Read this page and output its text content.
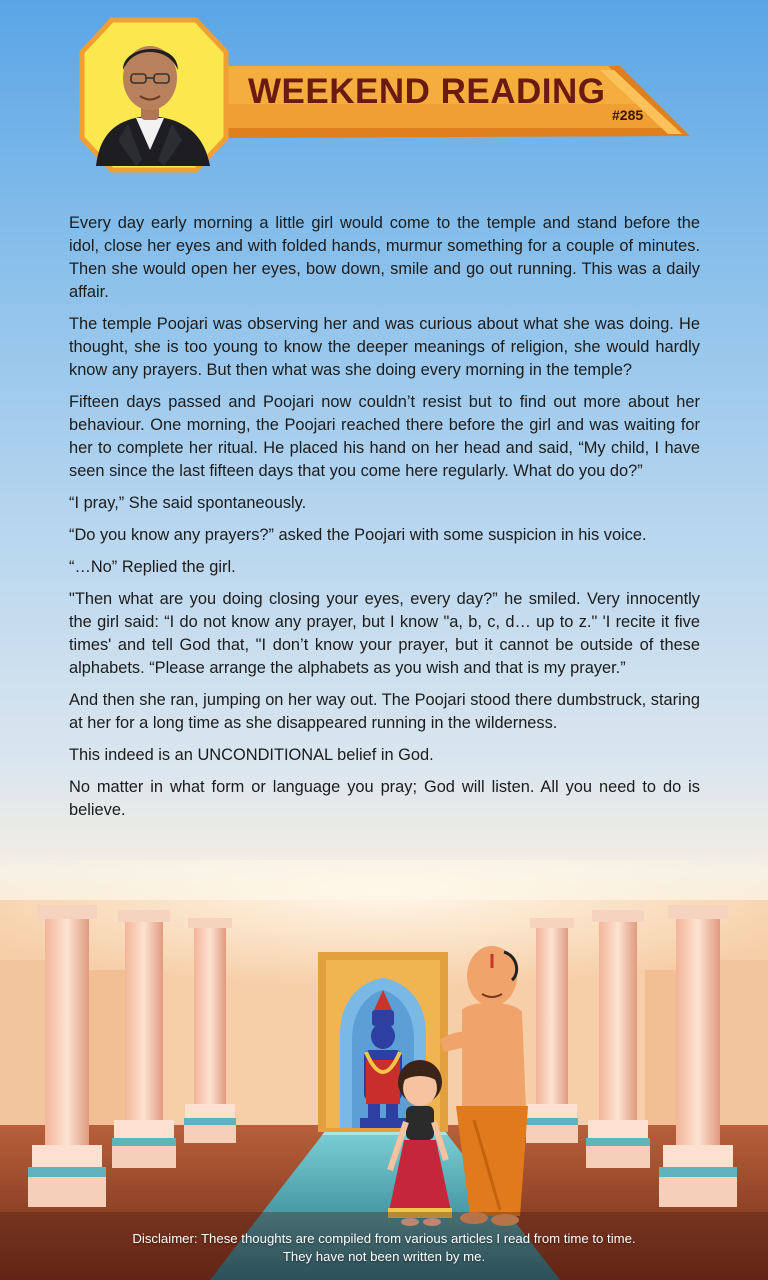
WEEKEND READING
#285

Every day early morning a little girl would come to the temple and stand before the idol, close her eyes and with folded hands, murmur something for a couple of minutes. Then she would open her eyes, bow down, smile and go out running. This was a daily affair.

The temple Poojari was observing her and was curious about what she was doing. He thought, she is too young to know the deeper meanings of religion, she would hardly know any prayers. But then what was she doing every morning in the temple?

Fifteen days passed and Poojari now couldn’t resist but to find out more about her behaviour. One morning, the Poojari reached there before the girl and was waiting for her to complete her ritual. He placed his hand on her head and said, “My child, I have seen since the last fifteen days that you come here regularly. What do you do?”

“I pray,” She said spontaneously.

“Do you know any prayers?” asked the Poojari with some suspicion in his voice.

“…No” Replied the girl.

"Then what are you doing closing your eyes, every day?” he smiled. Very innocently the girl said: “I do not know any prayer, but I know "a, b, c, d… up to z." 'I recite it five times' and tell God that, "I don’t know your prayer, but it cannot be outside of these alphabets. “Please arrange the alphabets as you wish and that is my prayer.”

And then she ran, jumping on her way out. The Poojari stood there dumbstruck, staring at her for a long time as she disappeared running in the wilderness.

This indeed is an UNCONDITIONAL belief in God.

No matter in what form or language you pray; God will listen. All you need to do is believe.

Disclaimer: These thoughts are compiled from various articles I read from time to time.
They have not been written by me.
